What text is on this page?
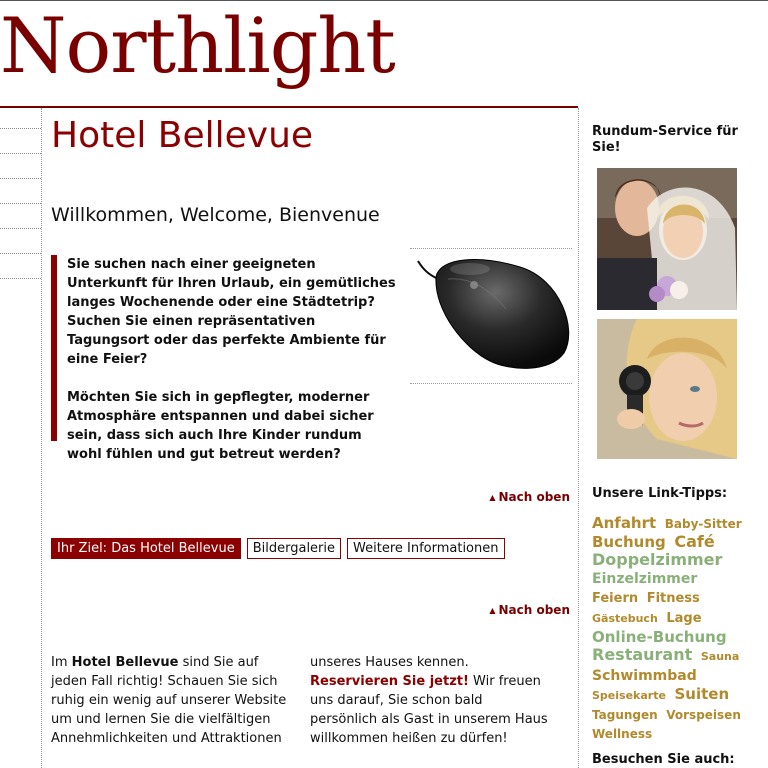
Northlight
Hotel Bellevue
Willkommen, Welcome, Bienvenue

Sie suchen nach einer geeigneten Unterkunft für Ihren Urlaub, ein gemütliches langes Wochenende oder eine Städtetrip? Suchen Sie einen repräsentativen Tagungsort oder das perfekte Ambiente für eine Feier?

Möchten Sie sich in gepflegter, moderner Atmosphäre entspannen und dabei sicher sein, dass sich auch Ihre Kinder rundum wohl fühlen und gut betreut werden?

▲ Nach oben
Ihr Ziel: Das Hotel Bellevue	Bildergalerie	Weitere Informationen
▲ Nach oben
Im Hotel Bellevue sind Sie auf jeden Fall richtig! Schauen Sie sich ruhig ein wenig auf unserer Website um und lernen Sie die vielfältigen Annehmlichkeiten und Attraktionen
unseres Hauses kennen. Reservieren Sie jetzt! Wir freuen uns darauf, Sie schon bald persönlich als Gast in unserem Haus willkommen heißen zu dürfen!
Rundum-Service für Sie!
Unsere Link-Tipps:
Anfahrt Baby-Sitter Buchung Café Doppelzimmer Einzelzimmer Feiern Fitness Gästebuch Lage Online-Buchung Restaurant Sauna Schwimmbad Speisekarte Suiten Tagungen Vorspeisen Wellness
Besuchen Sie auch:
